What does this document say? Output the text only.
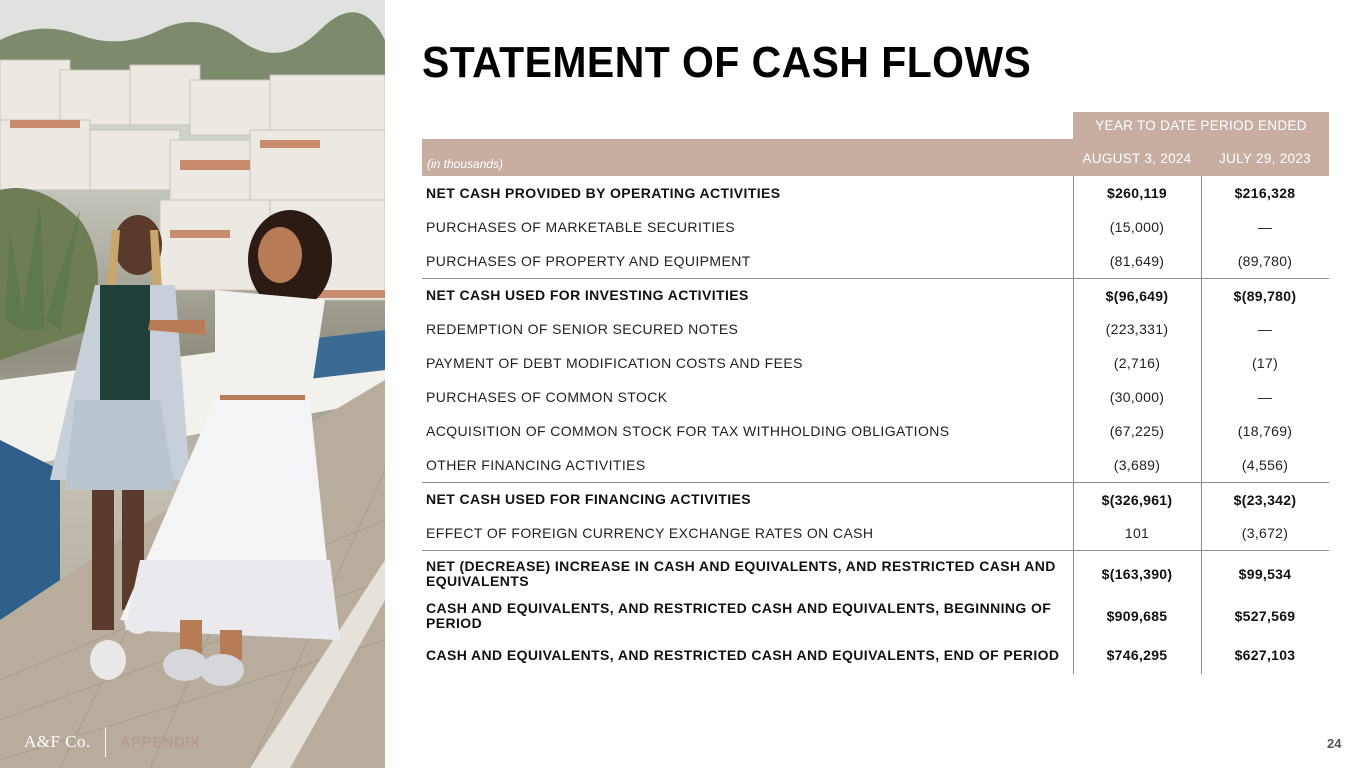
A&F Co. APPENDIX
STATEMENT OF CASH FLOWS
YEAR TO DATE PERIOD ENDED
(in thousands)	AUGUST 3, 2024	JULY 29, 2023
NET CASH PROVIDED BY OPERATING ACTIVITIES	$260,119	$216,328
PURCHASES OF MARKETABLE SECURITIES	(15,000)	—
PURCHASES OF PROPERTY AND EQUIPMENT	(81,649)	(89,780)
NET CASH USED FOR INVESTING ACTIVITIES	$(96,649)	$(89,780)
REDEMPTION OF SENIOR SECURED NOTES	(223,331)	—
PAYMENT OF DEBT MODIFICATION COSTS AND FEES	(2,716)	(17)
PURCHASES OF COMMON STOCK	(30,000)	—
ACQUISITION OF COMMON STOCK FOR TAX WITHHOLDING OBLIGATIONS	(67,225)	(18,769)
OTHER FINANCING ACTIVITIES	(3,689)	(4,556)
NET CASH USED FOR FINANCING ACTIVITIES	$(326,961)	$(23,342)
EFFECT OF FOREIGN CURRENCY EXCHANGE RATES ON CASH	101	(3,672)
NET (DECREASE) INCREASE IN CASH AND EQUIVALENTS, AND RESTRICTED CASH AND EQUIVALENTS	$(163,390)	$99,534
CASH AND EQUIVALENTS, AND RESTRICTED CASH AND EQUIVALENTS, BEGINNING OF PERIOD	$909,685	$527,569
CASH AND EQUIVALENTS, AND RESTRICTED CASH AND EQUIVALENTS, END OF PERIOD	$746,295	$627,103
24
